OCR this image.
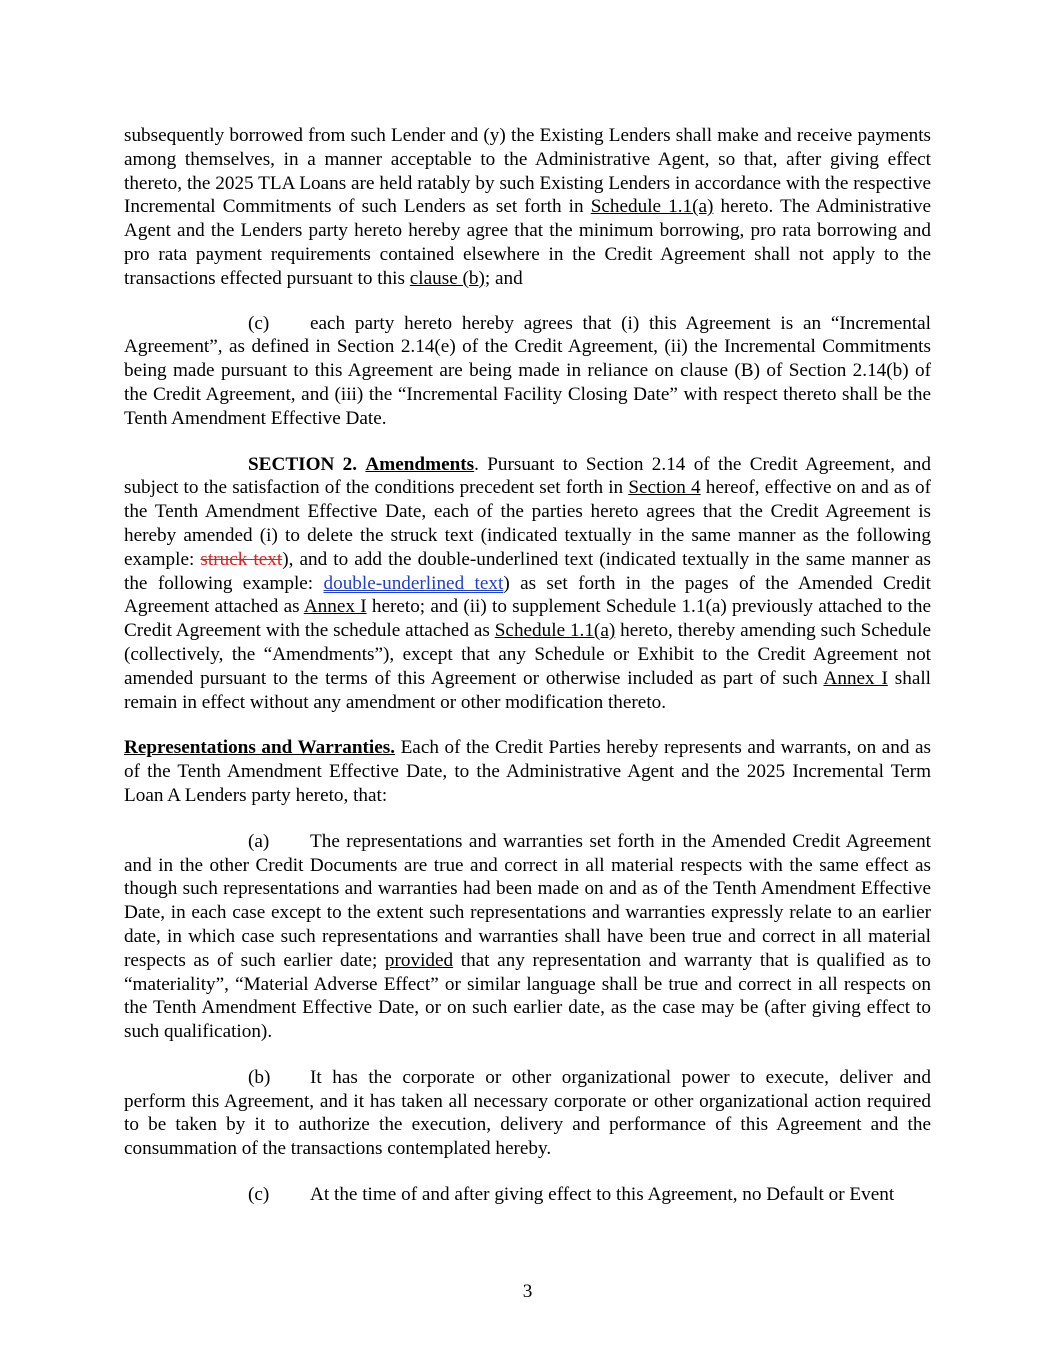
subsequently borrowed from such Lender and (y) the Existing Lenders shall make and receive payments among themselves, in a manner acceptable to the Administrative Agent, so that, after giving effect thereto, the 2025 TLA Loans are held ratably by such Existing Lenders in accordance with the respective Incremental Commitments of such Lenders as set forth in Schedule 1.1(a) hereto. The Administrative Agent and the Lenders party hereto hereby agree that the minimum borrowing, pro rata borrowing and pro rata payment requirements contained elsewhere in the Credit Agreement shall not apply to the transactions effected pursuant to this clause (b); and

(c) each party hereto hereby agrees that (i) this Agreement is an “Incremental Agreement”, as defined in Section 2.14(e) of the Credit Agreement, (ii) the Incremental Commitments being made pursuant to this Agreement are being made in reliance on clause (B) of Section 2.14(b) of the Credit Agreement, and (iii) the “Incremental Facility Closing Date” with respect thereto shall be the Tenth Amendment Effective Date.

SECTION 2. Amendments. Pursuant to Section 2.14 of the Credit Agreement, and subject to the satisfaction of the conditions precedent set forth in Section 4 hereof, effective on and as of the Tenth Amendment Effective Date, each of the parties hereto agrees that the Credit Agreement is hereby amended (i) to delete the struck text (indicated textually in the same manner as the following example: struck text), and to add the double-underlined text (indicated textually in the same manner as the following example: double-underlined text) as set forth in the pages of the Amended Credit Agreement attached as Annex I hereto; and (ii) to supplement Schedule 1.1(a) previously attached to the Credit Agreement with the schedule attached as Schedule 1.1(a) hereto, thereby amending such Schedule (collectively, the “Amendments”), except that any Schedule or Exhibit to the Credit Agreement not amended pursuant to the terms of this Agreement or otherwise included as part of such Annex I shall remain in effect without any amendment or other modification thereto.

Representations and Warranties. Each of the Credit Parties hereby represents and warrants, on and as of the Tenth Amendment Effective Date, to the Administrative Agent and the 2025 Incremental Term Loan A Lenders party hereto, that:

(a) The representations and warranties set forth in the Amended Credit Agreement and in the other Credit Documents are true and correct in all material respects with the same effect as though such representations and warranties had been made on and as of the Tenth Amendment Effective Date, in each case except to the extent such representations and warranties expressly relate to an earlier date, in which case such representations and warranties shall have been true and correct in all material respects as of such earlier date; provided that any representation and warranty that is qualified as to “materiality”, “Material Adverse Effect” or similar language shall be true and correct in all respects on the Tenth Amendment Effective Date, or on such earlier date, as the case may be (after giving effect to such qualification).

(b) It has the corporate or other organizational power to execute, deliver and perform this Agreement, and it has taken all necessary corporate or other organizational action required to be taken by it to authorize the execution, delivery and performance of this Agreement and the consummation of the transactions contemplated hereby.

(c) At the time of and after giving effect to this Agreement, no Default or Event

3
